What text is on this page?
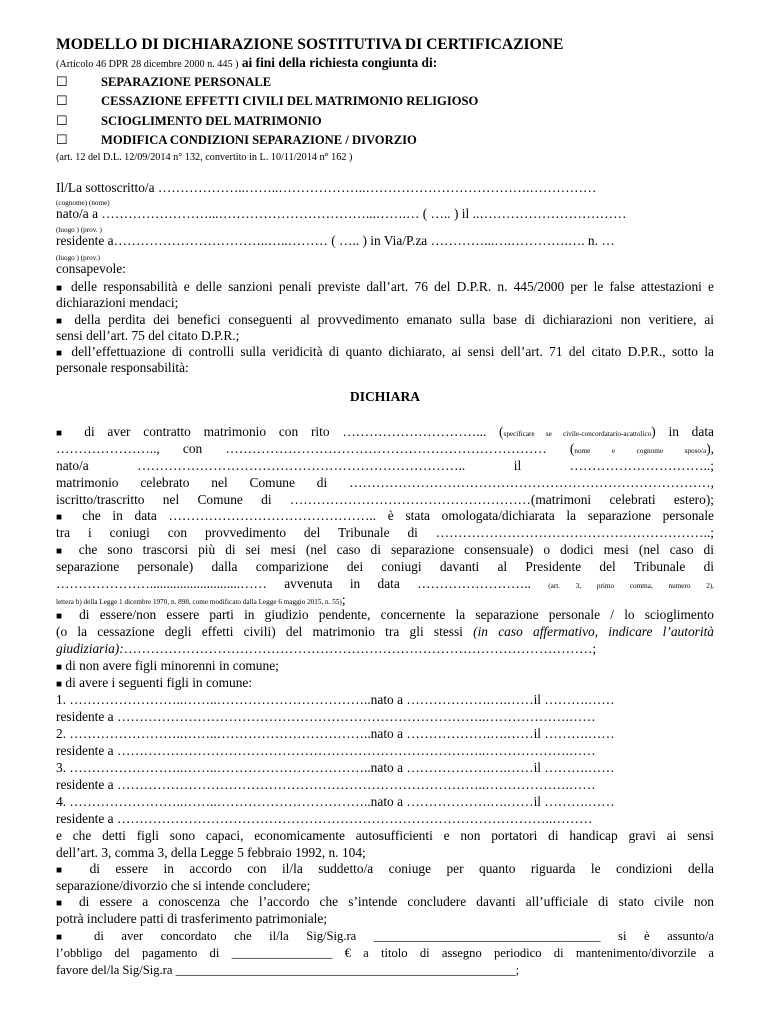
MODELLO DI DICHIARAZIONE SOSTITUTIVA DI CERTIFICAZIONE
(Articolo 46 DPR 28 dicembre 2000 n. 445 ) ai fini della richiesta congiunta di:
☐	SEPARAZIONE PERSONALE
☐	CESSAZIONE EFFETTI CIVILI DEL MATRIMONIO RELIGIOSO
☐	SCIOGLIMENTO DEL MATRIMONIO
☐	MODIFICA CONDIZIONI SEPARAZIONE / DIVORZIO
(art. 12 del D.L. 12/09/2014 n° 132, convertito in L. 10/11/2014 n° 162 )
Il/La sottoscritto/a ………………..……..………………..……………………………….……………
(cognome) (nome)
nato/a a ……………………...……………………………...…….… ( ….. ) il ..……………………………
(luogo ) (prov. )
residente a……………………………..…..……… ( ….. ) in Via/P.za …………...….………….…. n. …
(luogo ) (prov.)
consapevole:
■ delle responsabilità e delle sanzioni penali previste dall’art. 76 del D.P.R. n. 445/2000 per le false attestazioni e
dichiarazioni mendaci;
■ della perdita dei benefici conseguenti al provvedimento emanato sulla base di dichiarazioni non veritiere, ai
sensi dell’art. 75 del citato D.P.R.;
■ dell’effettuazione di controlli sulla veridicità di quanto dichiarato, ai sensi dell’art. 71 del citato D.P.R., sotto la
personale responsabilità:
DICHIARA
■ di aver contratto matrimonio con rito …………………………... (specificare se civile-concordatario-acattolico) in data
………………….., con ……………………………………………………………… (nome e cognome sposo/a),
nato/a ……………………………………………………………….. il …………………………..;
matrimonio celebrato nel Comune di ………………………………………………………………………,
iscritto/trascritto nel Comune di ………………………………………………(matrimoni celebrati estero);
■ che in data ……………………………………….. è stata omologata/dichiarata la separazione personale
tra i coniugi con provvedimento del Tribunale di ……………………………………………………..;
■ che sono trascorsi più di sei mesi (nel caso di separazione consensuale) o dodici mesi (nel caso di
separazione personale) dalla comparizione dei coniugi davanti al Presidente del Tribunale di
…………………...........................…… avvenuta in data …………………….. (art. 3, primo comma, numero 2),
lettera b) della Legge 1 dicembre 1970, n. 898, come modificato dalla Legge 6 maggio 2015, n. 55);
■ di essere/non essere parti in giudizio pendente, concernente la separazione personale / lo scioglimento
(o la cessazione degli effetti civili) del matrimonio tra gli stessi (in caso affermativo, indicare l’autorità
giudiziaria):……………………………………………………………………………………………;
■ di non avere figli minorenni in comune;
■ di avere i seguenti figli in comune:
1. ……………………..……..……………………………..nato a ……………….….……il ……….……
residente a ………………………………………………………………………..……………….……
2. ……………………..……..……………………………..nato a ……………….….……il ……….……
residente a ………………………………………………………………………..……………….……
3. ……………………..……..……………………………..nato a ……………….….……il ……….……
residente a ………………………………………………………………………..……………….……
4. ……………………..……..……………………………..nato a ……………….….……il ……….……
residente a ……………………………………………………………………………………..………
e che detti figli sono capaci, economicamente autosufficienti e non portatori di handicap gravi ai sensi
dell’art. 3, comma 3, della Legge 5 febbraio 1992, n. 104;
■ di essere in accordo con il/la suddetto/a coniuge per quanto riguarda le condizioni della
separazione/divorzio che si intende concludere;
■ di essere a conoscenza che l’accordo che s’intende concludere davanti all’ufficiale di stato civile non
potrà includere patti di trasferimento patrimoniale;
■ di aver concordato che il/la Sig/Sig.ra ____________________________________ si è assunto/a
l’obbligo del pagamento di ________________ € a titolo di assegno periodico di mantenimento/divorzile a
favore del/la Sig/Sig.ra ______________________________________________________;
